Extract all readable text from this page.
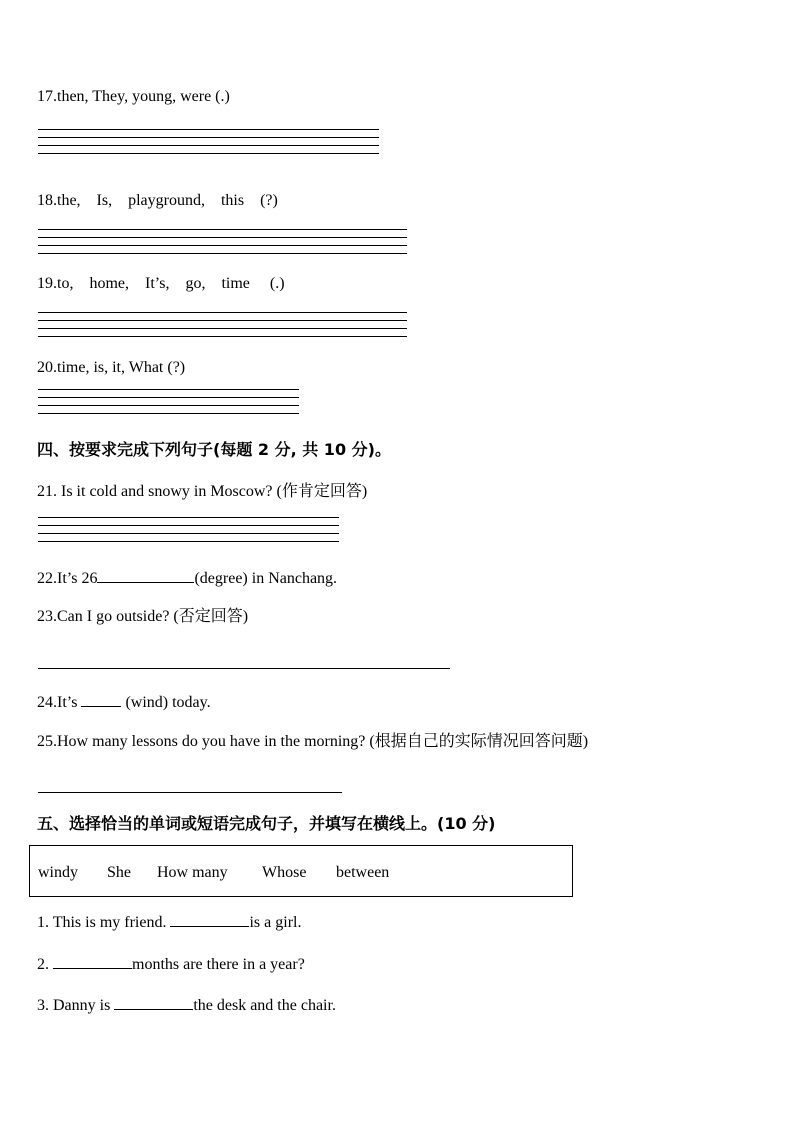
17.then, They, young, were (.)
18.the,    Is,    playground,    this    (?)
19.to,    home,    It’s,    go,    time     (.)
20.time, is, it, What (?)
四、按要求完成下列句子(每题 2 分, 共 10 分)。
21. Is it cold and snowy in Moscow? (作肯定回答)
22.It’s 26	(degree) in Nanchang.
23.Can I go outside? (否定回答)
24.It’s	(wind) today.
25.How many lessons do you have in the morning? (根据自己的实际情况回答问题)
五、选择恰当的单词或短语完成句子，并填写在横线上。(10 分)
windy She How many Whose between
1. This is my friend.	is a girl.
2.	months are there in a year?
3. Danny is	the desk and the chair.
